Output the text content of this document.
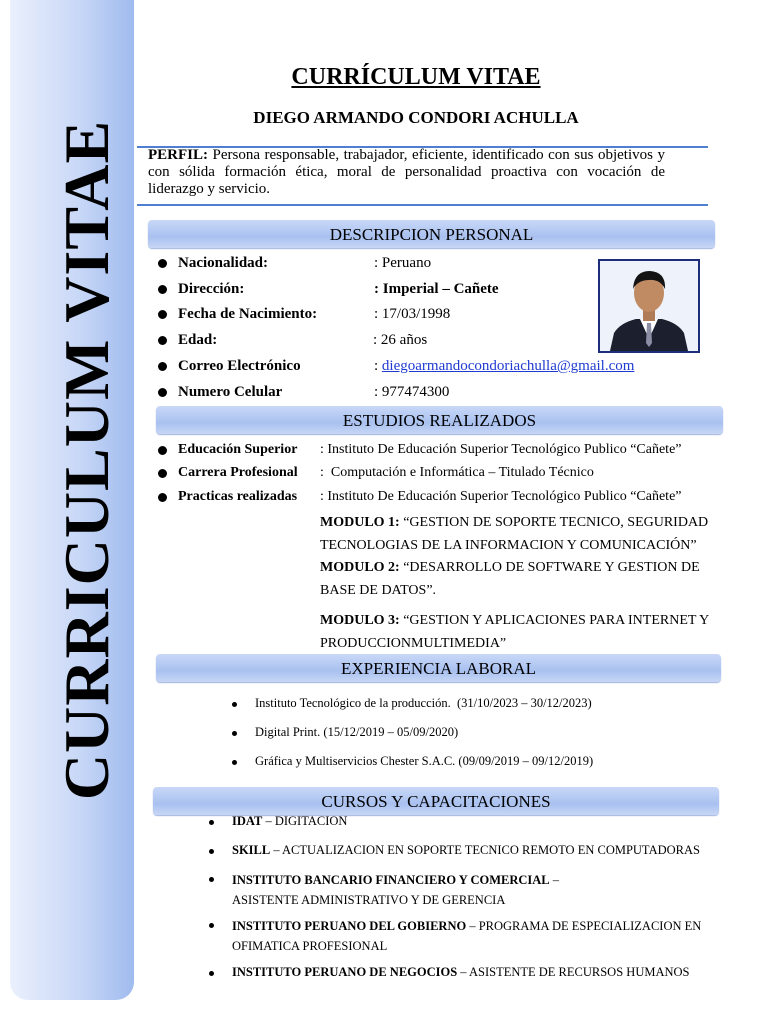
CURRICULUM VITAE
CURRÍCULUM VITAE
DIEGO ARMANDO CONDORI ACHULLA
PERFIL: Persona responsable, trabajador, eficiente, identificado con sus objetivos y con sólida formación ética, moral de personalidad proactiva con vocación de liderazgo y servicio.
DESCRIPCION PERSONAL
Nacionalidad:	: Peruano
Dirección:	: Imperial – Cañete
Fecha de Nacimiento:	: 17/03/1998
Edad:	: 26 años
Correo Electrónico	: diegoarmandocondoriachulla@gmail.com
Numero Celular	: 977474300
ESTUDIOS REALIZADOS
Educación Superior : Instituto De Educación Superior Tecnológico Publico “Cañete”
Carrera Profesional :  Computación e Informática – Titulado Técnico
Practicas realizadas : Instituto De Educación Superior Tecnológico Publico “Cañete”
MODULO 1: “GESTION DE SOPORTE TECNICO, SEGURIDAD
TECNOLOGIAS DE LA INFORMACION Y COMUNICACIÓN”
MODULO 2: “DESARROLLO DE SOFTWARE Y GESTION DE
BASE DE DATOS”.
MODULO 3: “GESTION Y APLICACIONES PARA INTERNET Y
PRODUCCIONMULTIMEDIA”
EXPERIENCIA LABORAL
Instituto Tecnológico de la producción.  (31/10/2023 – 30/12/2023)
Digital Print. (15/12/2019 – 05/09/2020)
Gráfica y Multiservicios Chester S.A.C. (09/09/2019 – 09/12/2019)
CURSOS Y CAPACITACIONES
IDAT – DIGITACION
SKILL – ACTUALIZACION EN SOPORTE TECNICO REMOTO EN COMPUTADORAS
INSTITUTO BANCARIO FINANCIERO Y COMERCIAL –
ASISTENTE ADMINISTRATIVO Y DE GERENCIA
INSTITUTO PERUANO DEL GOBIERNO – PROGRAMA DE ESPECIALIZACION EN
OFIMATICA PROFESIONAL
INSTITUTO PERUANO DE NEGOCIOS – ASISTENTE DE RECURSOS HUMANOS
